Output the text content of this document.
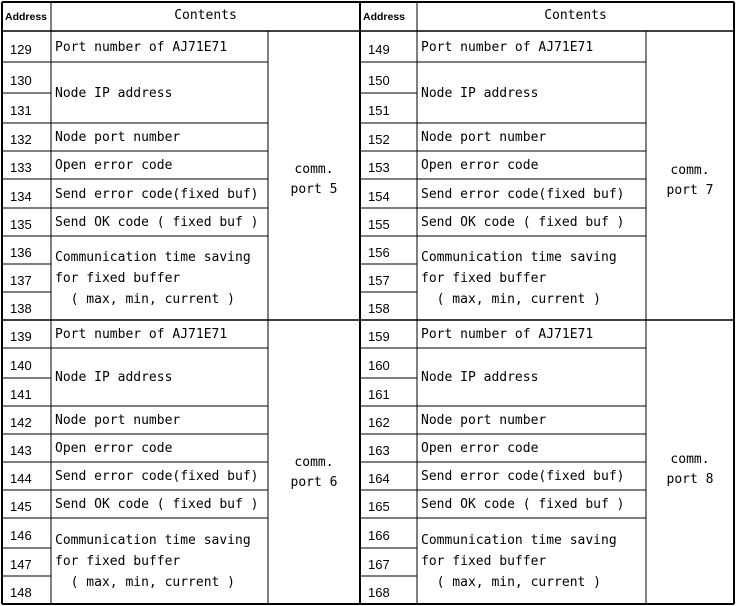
Address	Contents
129 Port number of AJ71E71
130
131
Node IP address
132 Node port number
133 Open error code
134 Send error code(fixed buf)
135 Send OK code ( fixed buf )
136
137
138
Communication time saving
for fixed buffer
( max, min, current )
comm.
port 5
139 Port number of AJ71E71
140
141
Node IP address
142 Node port number
143 Open error code
144 Send error code(fixed buf)
145 Send OK code ( fixed buf )
146
147
148
Communication time saving
for fixed buffer
( max, min, current )
comm.
port 6
Address	Contents
149 Port number of AJ71E71
150
151
Node IP address
152 Node port number
153 Open error code
154 Send error code(fixed buf)
155 Send OK code ( fixed buf )
156
157
158
Communication time saving
for fixed buffer
( max, min, current )
comm.
port 7
159 Port number of AJ71E71
160
161
Node IP address
162 Node port number
163 Open error code
164 Send error code(fixed buf)
165 Send OK code ( fixed buf )
166
167
168
Communication time saving
for fixed buffer
( max, min, current )
comm.
port 8
